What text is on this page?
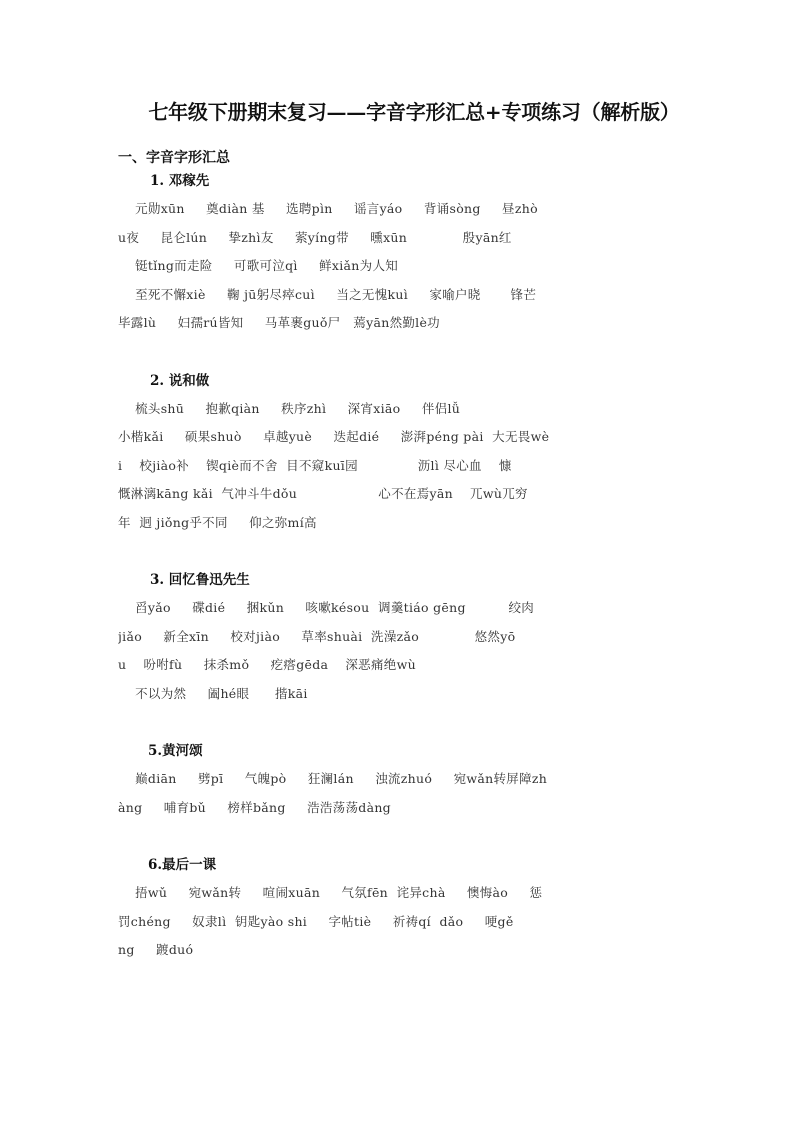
七年级下册期末复习——字音字形汇总+专项练习（解析版）
一、字音字形汇总
1. 邓稼先
元勋xūn     奠diàn 基     选聘pìn     谣言yáo     背诵sòng     昼zhò
u夜     昆仑lún     挚zhì友     萦yíng带     曛xūn             殷yān红
铤tǐng而走险     可歌可泣qì     鲜xiǎn为人知
至死不懈xiè     鞠 jū躬尽瘁cuì     当之无愧kuì     家喻户晓       锋芒
毕露lù     妇孺rú皆知     马革裹guǒ尸   蔫yān然勤lè功
2. 说和做
梳头shū     抱歉qiàn     秩序zhì     深宵xiāo     伴侣lǚ
小楷kǎi     硕果shuò     卓越yuè     迭起dié     澎湃péng pài  大无畏wè
i    校jiào补    锲qiè而不舍  目不窥kuī园              沥lì 尽心血    慷
慨淋漓kāng kǎi  气冲斗牛dǒu                   心不在焉yān    兀wù兀穷
年  迥 jiǒng乎不同     仰之弥mí高
3. 回忆鲁迅先生
舀yǎo     碟dié     捆kǔn     咳嗽késou  调羹tiáo gēng          绞肉
jiǎo     新全xīn     校对jiào     草率shuài  洗澡zǎo             悠然yō
u    吩咐fù     抹杀mǒ     疙瘩gēda    深恶痛绝wù
不以为然     阖hé眼      揩kāi
5.黄河颂
巅diān     劈pī     气魄pò     狂澜lán     浊流zhuó     宛wǎn转屏障zh
àng     哺育bǔ     榜样bǎng     浩浩荡荡dàng
6.最后一课
捂wǔ     宛wǎn转     喧闹xuān     气氛fēn  诧异chà     懊悔ào     惩
罚chéng     奴隶lì  钥匙yào shi     字帖tiè     祈祷qí  dǎo     哽gě
ng     踱duó
